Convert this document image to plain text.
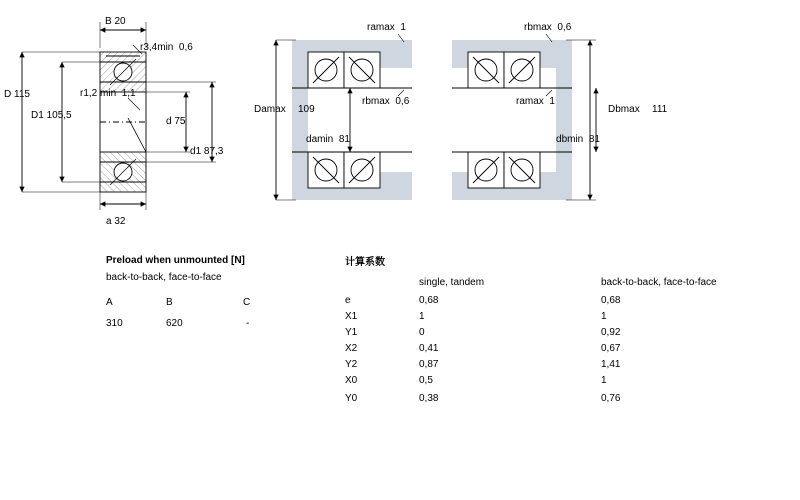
B 20
r3,4min 0,6
D 115	r1,2 min 1,1
D1 105,5
d 75
d1 87,3
a 32
ramax 1	rbmax 0,6
Damax 109
rbmax 0,6	ramax 1
Dbmax 111
damin 81	dbmin 81
Preload when unmounted [N]
back-to-back, face-to-face
A	B	C
310	620	-
计算系数
single, tandem	back-to-back, face-to-face
e	0,68	0,68
X1	1	1
Y1	0	0,92
X2	0,41	0,67
Y2	0,87	1,41
X0	0,5	1
Y0	0,38	0,76
